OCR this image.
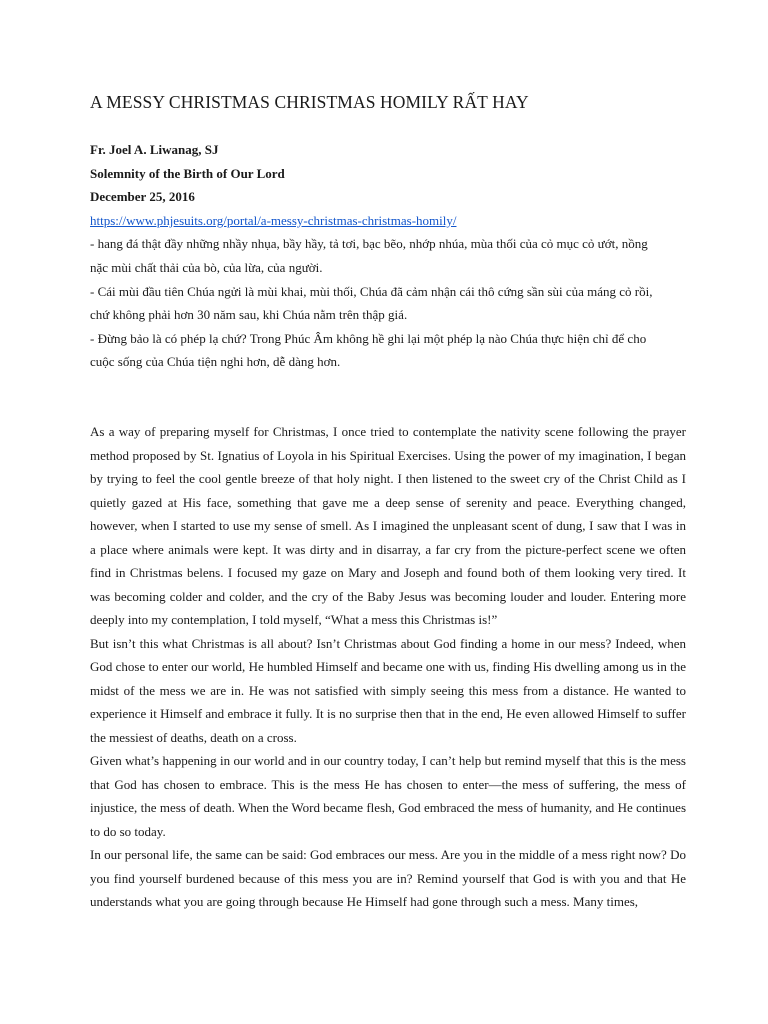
A MESSY CHRISTMAS CHRISTMAS HOMILY RẤT HAY
Fr. Joel A. Liwanag, SJ
Solemnity of the Birth of Our Lord
December 25, 2016
https://www.phjesuits.org/portal/a-messy-christmas-christmas-homily/
- hang đá thật đầy những nhầy nhụa, bầy hầy, tả tơi, bạc bẽo, nhớp nhúa, mùa thối của cỏ mục cỏ ướt, nồng
nặc mùi chất thải của bò, của lừa, của người.
- Cái mùi đầu tiên Chúa ngửi là mùi khai, mùi thối, Chúa đã cảm nhận cái thô cứng sần sùi của máng cỏ rồi,
chứ không phải hơn 30 năm sau, khi Chúa nằm trên thập giá.
- Đừng bảo là có phép lạ chứ? Trong Phúc Âm không hề ghi lại một phép lạ nào Chúa thực hiện chỉ để cho
cuộc sống của Chúa tiện nghi hơn, dễ dàng hơn.

As a way of preparing myself for Christmas, I once tried to contemplate the nativity scene following the prayer method proposed by St. Ignatius of Loyola in his Spiritual Exercises. Using the power of my imagination, I began by trying to feel the cool gentle breeze of that holy night. I then listened to the sweet cry of the Christ Child as I quietly gazed at His face, something that gave me a deep sense of serenity and peace. Everything changed, however, when I started to use my sense of smell. As I imagined the unpleasant scent of dung, I saw that I was in a place where animals were kept. It was dirty and in disarray, a far cry from the picture-perfect scene we often find in Christmas belens. I focused my gaze on Mary and Joseph and found both of them looking very tired. It was becoming colder and colder, and the cry of the Baby Jesus was becoming louder and louder. Entering more deeply into my contemplation, I told myself, “What a mess this Christmas is!”

But isn’t this what Christmas is all about? Isn’t Christmas about God finding a home in our mess? Indeed, when God chose to enter our world, He humbled Himself and became one with us, finding His dwelling among us in the midst of the mess we are in. He was not satisfied with simply seeing this mess from a distance. He wanted to experience it Himself and embrace it fully. It is no surprise then that in the end, He even allowed Himself to suffer the messiest of deaths, death on a cross.

Given what’s happening in our world and in our country today, I can’t help but remind myself that this is the mess that God has chosen to embrace. This is the mess He has chosen to enter—the mess of suffering, the mess of injustice, the mess of death. When the Word became flesh, God embraced the mess of humanity, and He continues to do so today.

In our personal life, the same can be said: God embraces our mess. Are you in the middle of a mess right now? Do you find yourself burdened because of this mess you are in? Remind yourself that God is with you and that He understands what you are going through because He Himself had gone through such a mess. Many times,
